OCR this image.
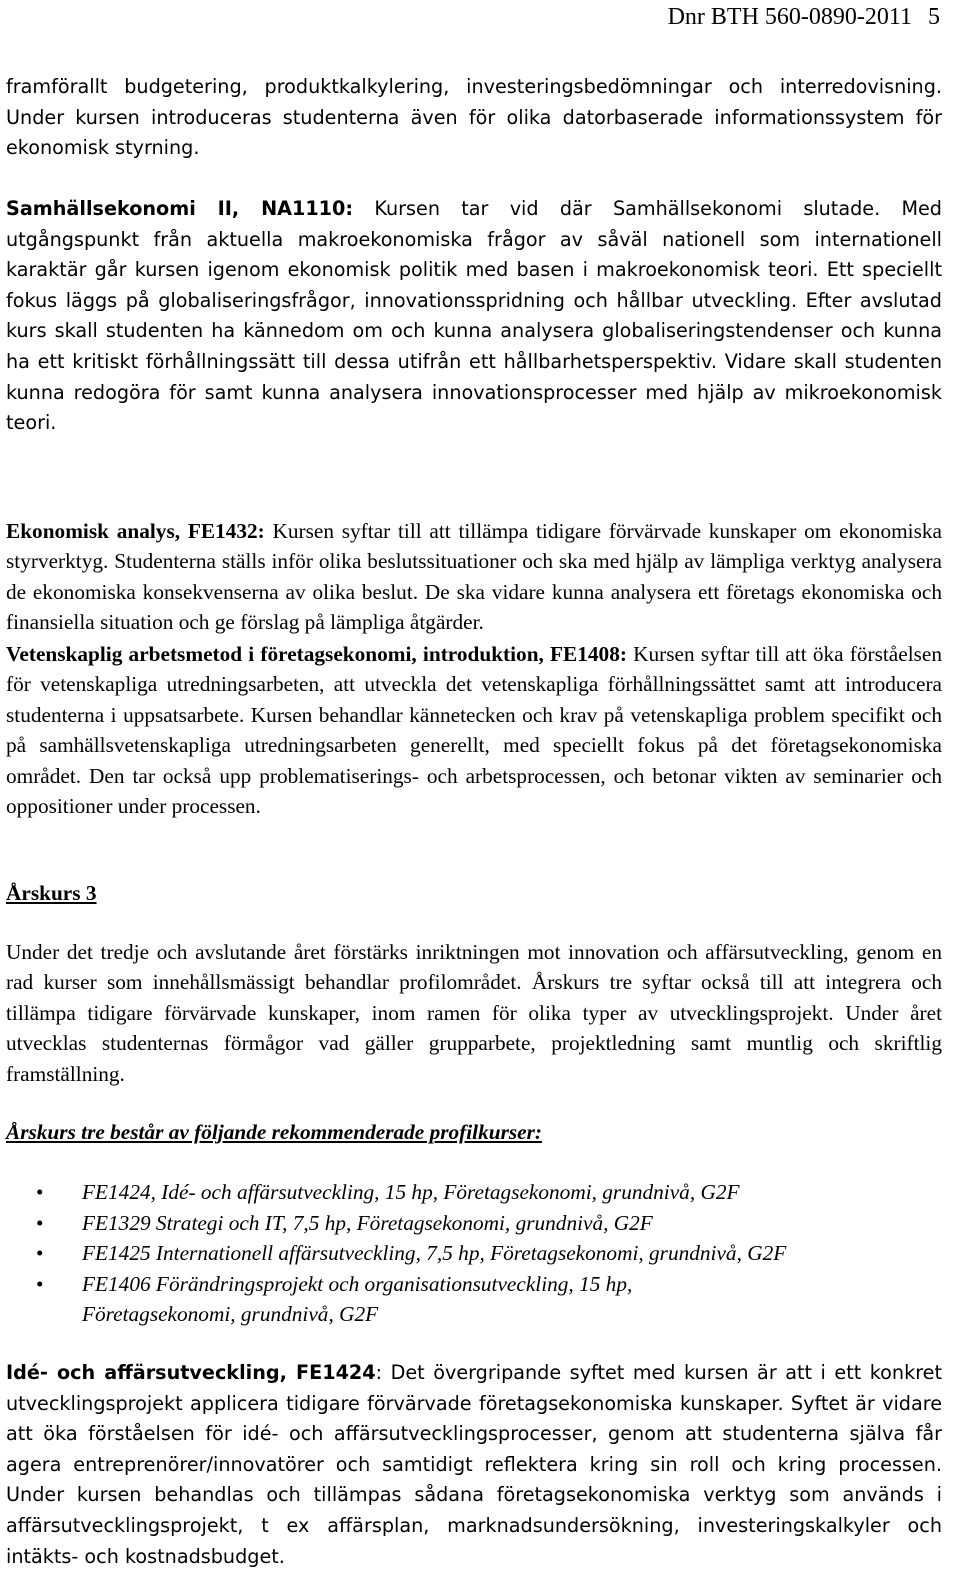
Dnr BTH 560-0890-2011 5

framförallt budgetering, produktkalkylering, investeringsbedömningar och interredovisning. Under kursen introduceras studenterna även för olika datorbaserade informationssystem för ekonomisk styrning.

Samhällsekonomi II, NA1110: Kursen tar vid där Samhällsekonomi slutade. Med utgångspunkt från aktuella makroekonomiska frågor av såväl nationell som internationell karaktär går kursen igenom ekonomisk politik med basen i makroekonomisk teori. Ett speciellt fokus läggs på globaliseringsfrågor, innovationsspridning och hållbar utveckling. Efter avslutad kurs skall studenten ha kännedom om och kunna analysera globaliseringstendenser och kunna ha ett kritiskt förhållningssätt till dessa utifrån ett hållbarhetsperspektiv. Vidare skall studenten kunna redogöra för samt kunna analysera innovationsprocesser med hjälp av mikroekonomisk teori.

Ekonomisk analys, FE1432: Kursen syftar till att tillämpa tidigare förvärvade kunskaper om ekonomiska styrverktyg. Studenterna ställs inför olika beslutssituationer och ska med hjälp av lämpliga verktyg analysera de ekonomiska konsekvenserna av olika beslut. De ska vidare kunna analysera ett företags ekonomiska och finansiella situation och ge förslag på lämpliga åtgärder.

Vetenskaplig arbetsmetod i företagsekonomi, introduktion, FE1408: Kursen syftar till att öka förståelsen för vetenskapliga utredningsarbeten, att utveckla det vetenskapliga förhållningssättet samt att introducera studenterna i uppsatsarbete. Kursen behandlar kännetecken och krav på vetenskapliga problem specifikt och på samhällsvetenskapliga utredningsarbeten generellt, med speciellt fokus på det företagsekonomiska området. Den tar också upp problematiserings- och arbetsprocessen, och betonar vikten av seminarier och oppositioner under processen.

Årskurs 3

Under det tredje och avslutande året förstärks inriktningen mot innovation och affärsutveckling, genom en rad kurser som innehållsmässigt behandlar profilområdet. Årskurs tre syftar också till att integrera och tillämpa tidigare förvärvade kunskaper, inom ramen för olika typer av utvecklingsprojekt. Under året utvecklas studenternas förmågor vad gäller grupparbete, projektledning samt muntlig och skriftlig framställning.

Årskurs tre består av följande rekommenderade profilkurser:
• FE1424, Idé- och affärsutveckling, 15 hp, Företagsekonomi, grundnivå, G2F
• FE1329 Strategi och IT, 7,5 hp, Företagsekonomi, grundnivå, G2F
• FE1425 Internationell affärsutveckling, 7,5 hp, Företagsekonomi, grundnivå, G2F
• FE1406 Förändringsprojekt och organisationsutveckling, 15 hp, Företagsekonomi, grundnivå, G2F

Idé- och affärsutveckling, FE1424: Det övergripande syftet med kursen är att i ett konkret utvecklingsprojekt applicera tidigare förvärvade företagsekonomiska kunskaper. Syftet är vidare att öka förståelsen för idé- och affärsutvecklingsprocesser, genom att studenterna själva får agera entreprenörer/innovatörer och samtidigt reflektera kring sin roll och kring processen. Under kursen behandlas och tillämpas sådana företagsekonomiska verktyg som används i affärsutvecklingsprojekt, t ex affärsplan, marknadsundersökning, investeringskalkyler och intäkts- och kostnadsbudget.
